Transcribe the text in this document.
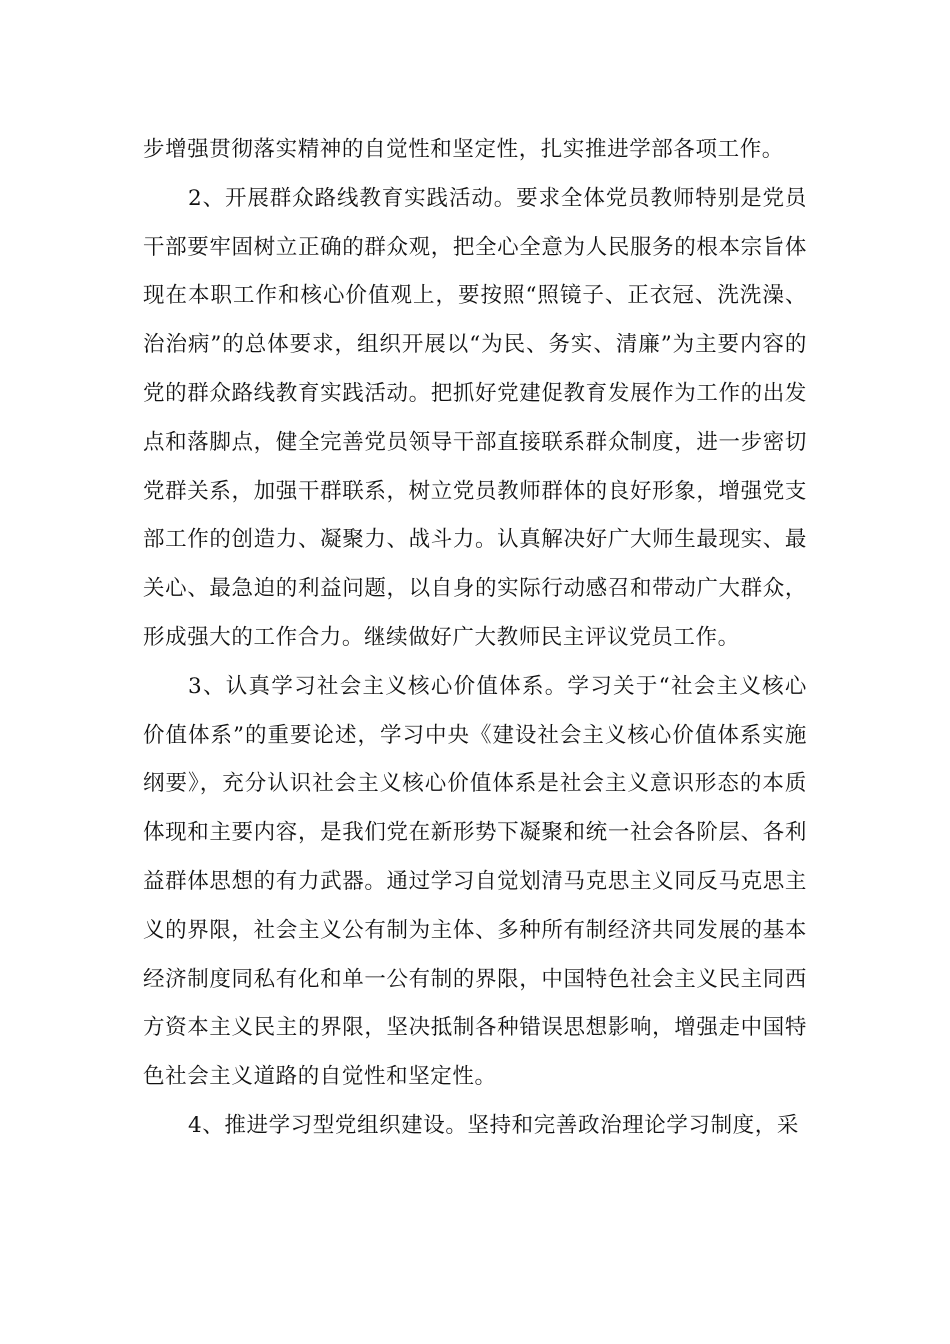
步增强贯彻落实精神的自觉性和坚定性，扎实推进学部各项工作。

2、开展群众路线教育实践活动。要求全体党员教师特别是党员干部要牢固树立正确的群众观，把全心全意为人民服务的根本宗旨体现在本职工作和核心价值观上，要按照“照镜子、正衣冠、洗洗澡、治治病”的总体要求，组织开展以“为民、务实、清廉”为主要内容的党的群众路线教育实践活动。把抓好党建促教育发展作为工作的出发点和落脚点，健全完善党员领导干部直接联系群众制度，进一步密切党群关系，加强干群联系，树立党员教师群体的良好形象，增强党支部工作的创造力、凝聚力、战斗力。认真解决好广大师生最现实、最关心、最急迫的利益问题，以自身的实际行动感召和带动广大群众，形成强大的工作合力。继续做好广大教师民主评议党员工作。

3、认真学习社会主义核心价值体系。学习关于“社会主义核心价值体系”的重要论述，学习中央《建设社会主义核心价值体系实施纲要》，充分认识社会主义核心价值体系是社会主义意识形态的本质体现和主要内容，是我们党在新形势下凝聚和统一社会各阶层、各利益群体思想的有力武器。通过学习自觉划清马克思主义同反马克思主义的界限，社会主义公有制为主体、多种所有制经济共同发展的基本经济制度同私有化和单一公有制的界限，中国特色社会主义民主同西方资本主义民主的界限，坚决抵制各种错误思想影响，增强走中国特色社会主义道路的自觉性和坚定性。

4、推进学习型党组织建设。坚持和完善政治理论学习制度，采
